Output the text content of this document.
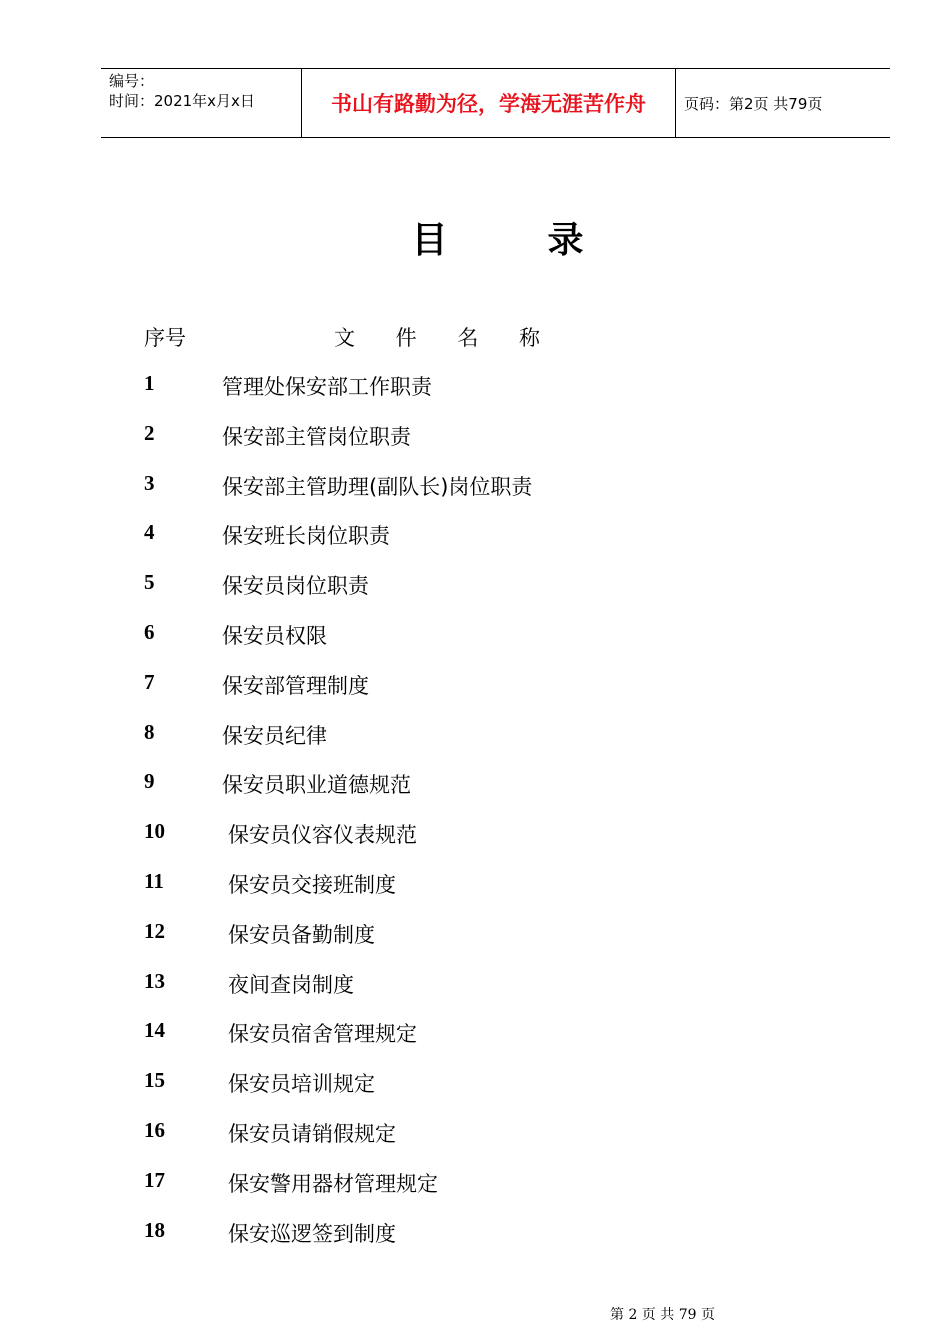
编号：
时间：2021年x月x日	书山有路勤为径，学海无涯苦作舟	页码：第2页 共79页
目	录
序号	文 件 名 称
1	管理处保安部工作职责
2	保安部主管岗位职责
3	保安部主管助理(副队长)岗位职责
4	保安班长岗位职责
5	保安员岗位职责
6	保安员权限
7	保安部管理制度
8	保安员纪律
9	保安员职业道德规范
10	保安员仪容仪表规范
11	保安员交接班制度
12	保安员备勤制度
13	夜间查岗制度
14	保安员宿舍管理规定
15	保安员培训规定
16	保安员请销假规定
17	保安警用器材管理规定
18	保安巡逻签到制度
第 2 页 共 79 页
